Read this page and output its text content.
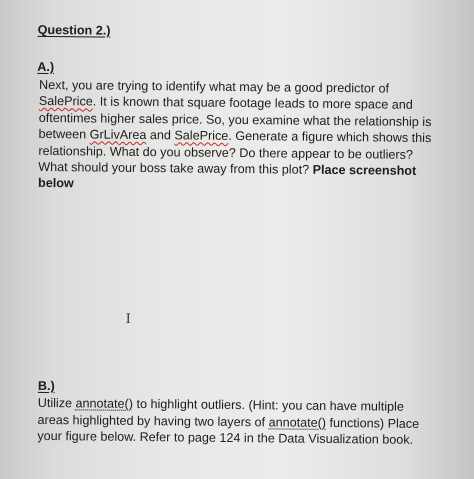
Question 2.)
A.)
Next, you are trying to identify what may be a good predictor of
SalePrice. It is known that square footage leads to more space and
oftentimes higher sales price. So, you examine what the relationship is
between GrLivArea and SalePrice. Generate a figure which shows this
relationship. What do you observe? Do there appear to be outliers?
What should your boss take away from this plot? Place screenshot
below
I
B.)
Utilize annotate() to highlight outliers. (Hint: you can have multiple
areas highlighted by having two layers of annotate() functions) Place
your figure below. Refer to page 124 in the Data Visualization book.
